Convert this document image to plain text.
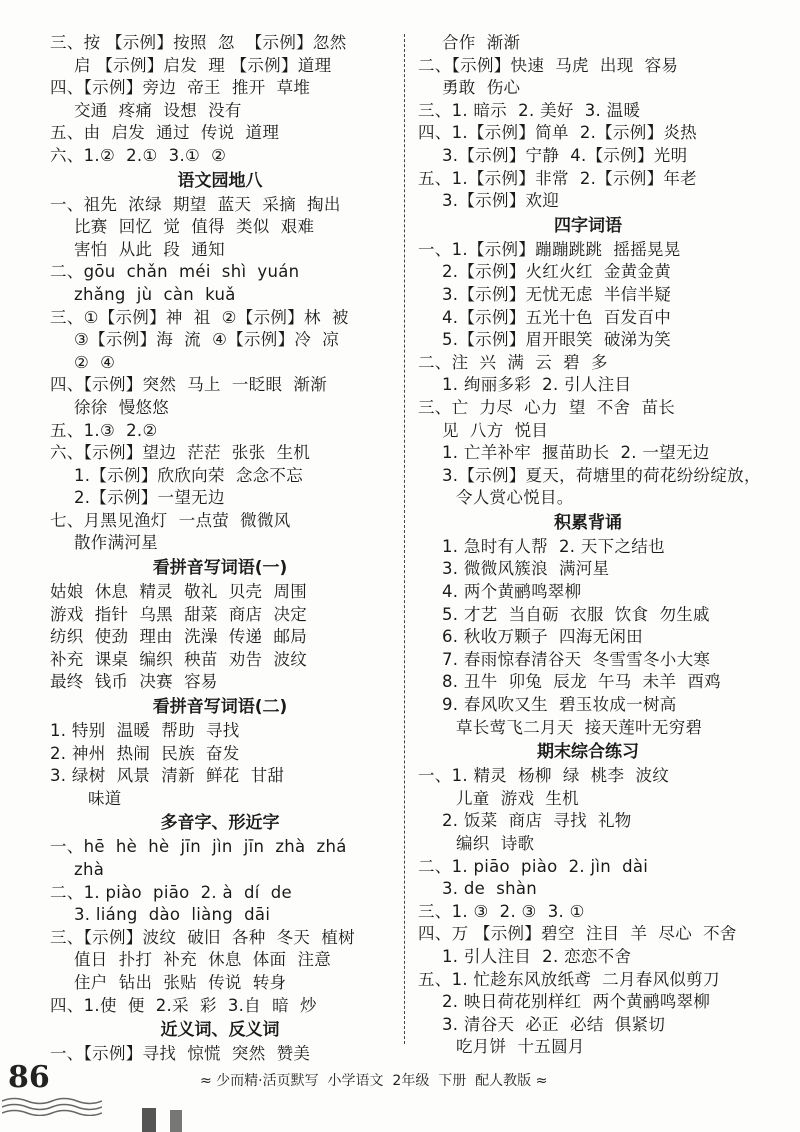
三、按 【示例】按照  忽  【示例】忽然
启 【示例】启发  理 【示例】道理
四、【示例】旁边  帝王  推开  草堆
交通  疼痛  设想  没有
五、由  启发  通过  传说  道理
六、1.②  2.①  3.①  ②
语文园地八
一、祖先  浓绿  期望  蓝天  采摘  掏出
比赛  回忆  觉  值得  类似  艰难
害怕  从此  段  通知
二、gōu  chǎn  méi  shì  yuán
zhǎng  jù  càn  kuǎ
三、①【示例】神  祖  ②【示例】林  被
③【示例】海  流  ④【示例】冷  凉
②  ④
四、【示例】突然  马上  一眨眼  渐渐
徐徐  慢悠悠
五、1.③  2.②
六、【示例】望边  茫茫  张张  生机
1.【示例】欣欣向荣  念念不忘
2.【示例】一望无边
七、月黑见渔灯  一点萤  微微风
散作满河星
看拼音写词语(一)
姑娘  休息  精灵  敬礼  贝壳  周围
游戏  指针  乌黑  甜菜  商店  决定
纺织  使劲  理由  洗澡  传递  邮局
补充  课桌  编织  秧苗  劝告  波纹
最终  钱币  决赛  容易
看拼音写词语(二)
1. 特别  温暖  帮助  寻找
2. 神州  热闹  民族  奋发
3. 绿树  风景  清新  鲜花  甘甜
味道
多音字、形近字
一、hē  hè  hè  jīn  jìn  jīn  zhà  zhá
zhà
二、1. piào  piāo  2. à  dí  de
3. liáng  dào  liàng  dāi
三、【示例】波纹  破旧  各种  冬天  植树
值日  扑打  补充  休息  体面  注意
住户  钻出  张贴  传说  转身
四、1.使  便  2.采  彩  3.自  暗  炒
近义词、反义词
一、【示例】寻找  惊慌  突然  赞美
合作  渐渐
二、【示例】快速  马虎  出现  容易
勇敢  伤心
三、1. 暗示  2. 美好  3. 温暖
四、1.【示例】简单  2.【示例】炎热
3.【示例】宁静  4.【示例】光明
五、1.【示例】非常  2.【示例】年老
3.【示例】欢迎
四字词语
一、1.【示例】蹦蹦跳跳  摇摇晃晃
2.【示例】火红火红  金黄金黄
3.【示例】无忧无虑  半信半疑
4.【示例】五光十色  百发百中
5.【示例】眉开眼笑  破涕为笑
二、注  兴  满  云  碧  多
1. 绚丽多彩  2. 引人注目
三、亡  力尽  心力  望  不舍  苗长
见  八方  悦目
1. 亡羊补牢  揠苗助长  2. 一望无边
3.【示例】夏天，荷塘里的荷花纷纷绽放，
令人赏心悦目。
积累背诵
1. 急时有人帮  2. 天下之结也
3. 微微风簇浪  满河星
4. 两个黄鹂鸣翠柳
5. 才艺  当自砺  衣服  饮食  勿生戚
6. 秋收万颗子  四海无闲田
7. 春雨惊春清谷天  冬雪雪冬小大寒
8. 丑牛  卯兔  辰龙  午马  未羊  酉鸡
9. 春风吹又生  碧玉妆成一树高
草长莺飞二月天  接天莲叶无穷碧
期末综合练习
一、1. 精灵  杨柳  绿  桃李  波纹
儿童  游戏  生机
2. 饭菜  商店  寻找  礼物
编织  诗歌
二、1. piāo  piào  2. jìn  dài
3. de  shàn
三、1. ③  2. ③  3. ①
四、万 【示例】碧空  注目  羊  尽心  不舍
1. 引人注目  2. 恋恋不舍
五、1. 忙趁东风放纸鸢  二月春风似剪刀
2. 映日荷花别样红  两个黄鹂鸣翠柳
3. 清谷天  必正  必结  俱紧切
吃月饼  十五圆月
86	≈ 少而精·活页默写  小学语文  2年级  下册  配人教版 ≈
